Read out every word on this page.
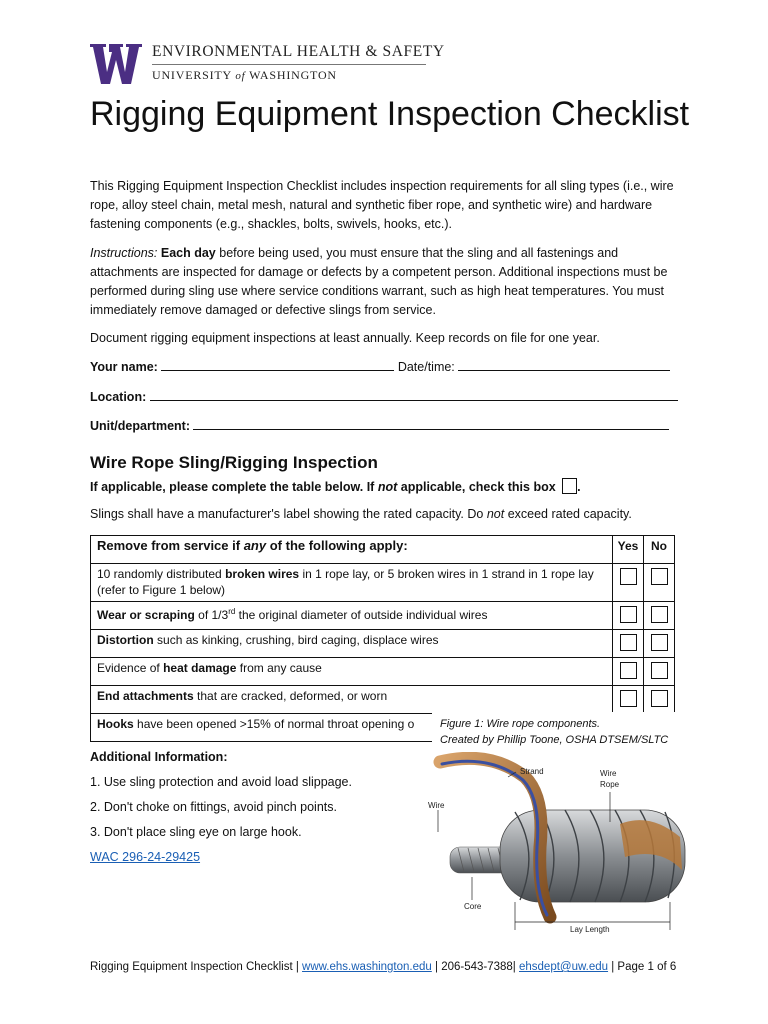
ENVIRONMENTAL HEALTH & SAFETY
UNIVERSITY of WASHINGTON
Rigging Equipment Inspection Checklist

This Rigging Equipment Inspection Checklist includes inspection requirements for all sling types (i.e., wire rope, alloy steel chain, metal mesh, natural and synthetic fiber rope, and synthetic wire) and hardware fastening components (e.g., shackles, bolts, swivels, hooks, etc.).

Instructions: Each day before being used, you must ensure that the sling and all fastenings and attachments are inspected for damage or defects by a competent person. Additional inspections must be performed during sling use where service conditions warrant, such as high heat temperatures. You must immediately remove damaged or defective slings from service.

Document rigging equipment inspections at least annually. Keep records on file for one year.

Your name:	Date/time:
Location:
Unit/department:
Wire Rope Sling/Rigging Inspection
If applicable, please complete the table below. If not applicable, check this box .
Slings shall have a manufacturer's label showing the rated capacity. Do not exceed rated capacity.
Remove from service if any of the following apply:	Yes	No
10 randomly distributed broken wires in 1 rope lay, or 5 broken wires in 1 strand in 1 rope lay (refer to Figure 1 below)	

Wear or scraping of 1/3rd the original diameter of outside individual wires	

Distortion such as kinking, crushing, bird caging, displace wires	

Evidence of heat damage from any cause	

End attachments that are cracked, deformed, or worn	

Hooks have been opened >15% of normal throat opening o	
	Figure 1: Wire rope components.
Created by Phillip Toone, OSHA DTSEM/SLTC
Strand	Wire
Rope
Wire
Core
Lay Length

Additional Information:

1. Use sling protection and avoid load slippage.

2. Don't choke on fittings, avoid pinch points.

3. Don't place sling eye on large hook.

WAC 296-24-29425

Rigging Equipment Inspection Checklist | www.ehs.washington.edu | 206-543-7388| ehsdept@uw.edu | Page 1 of 6
